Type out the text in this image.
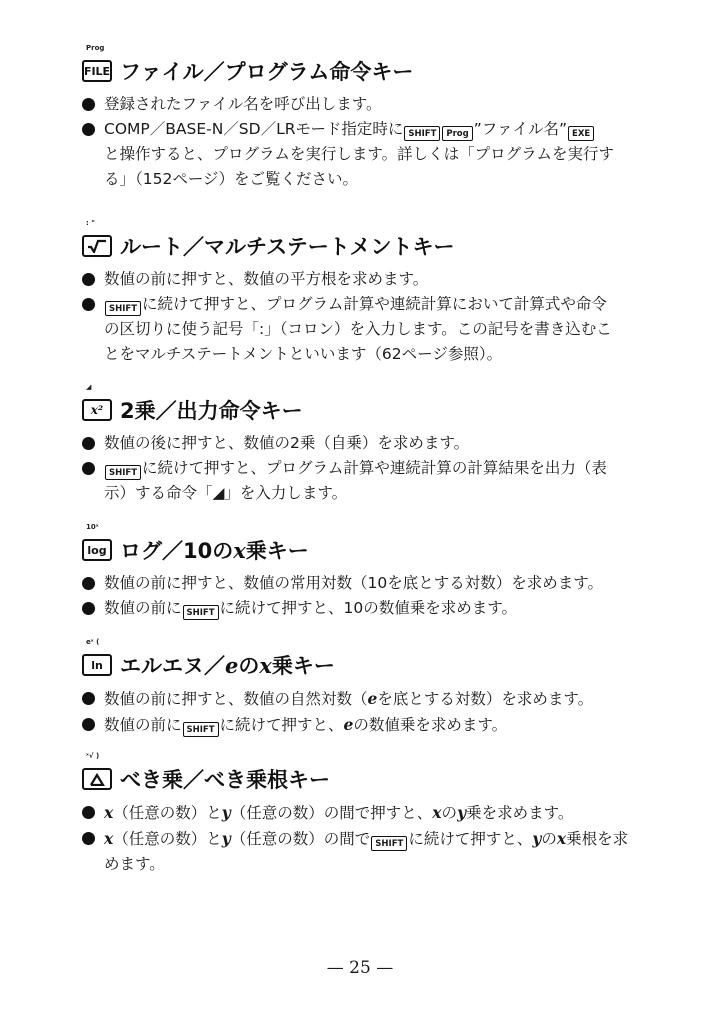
Prog
FILE ファイル／プログラム命令キー
登録されたファイル名を呼び出します。
COMP／BASE-N／SD／LRモード指定時に SHIFT Prog ”ファイル名” EXE
と操作すると、プログラムを実行します。詳しくは「プログラムを実行す
る」（152ページ）をご覧ください。
: "
ルート／マルチステートメントキー
数値の前に押すと、数値の平方根を求めます。
SHIFT に続けて押すと、プログラム計算や連続計算において計算式や命令
の区切りに使う記号「:」（コロン）を入力します。この記号を書き込むこ
とをマルチステートメントといいます（62ページ参照）。
◢
x² 2乗／出力命令キー
数値の後に押すと、数値の2乗（自乗）を求めます。
SHIFT に続けて押すと、プログラム計算や連続計算の計算結果を出力（表
示）する命令「◢」を入力します。
10ˣ
log ログ／10のx乗キー
数値の前に押すと、数値の常用対数（10を底とする対数）を求めます。
数値の前に SHIFT に続けて押すと、10の数値乗を求めます。
eˣ (
ln エルエヌ／eのx乗キー
数値の前に押すと、数値の自然対数（eを底とする対数）を求めます。
数値の前に SHIFT に続けて押すと、eの数値乗を求めます。
ˣ√ )
べき乗／べき乗根キー
x（任意の数）とy（任意の数）の間で押すと、xのy乗を求めます。
x（任意の数）とy（任意の数）の間で SHIFT に続けて押すと、yのx乗根を求
めます。
— 25 —
